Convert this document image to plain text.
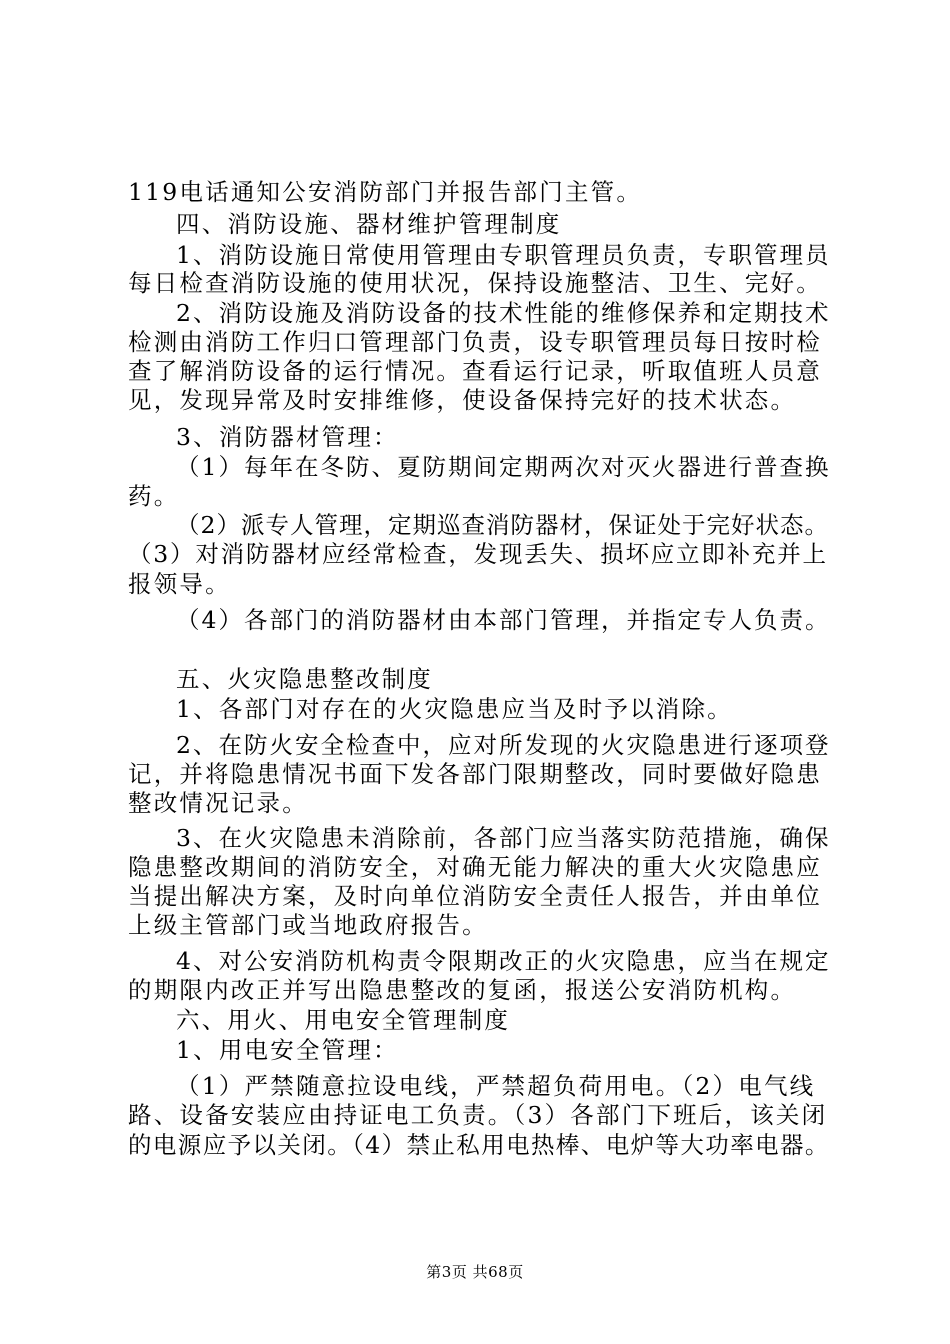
119电话通知公安消防部门并报告部门主管。
四、消防设施、器材维护管理制度
1、消防设施日常使用管理由专职管理员负责，专职管理员
每日检查消防设施的使用状况，保持设施整洁、卫生、完好。
2、消防设施及消防设备的技术性能的维修保养和定期技术
检测由消防工作归口管理部门负责，设专职管理员每日按时检
查了解消防设备的运行情况。查看运行记录，听取值班人员意
见，发现异常及时安排维修，使设备保持完好的技术状态。
3、消防器材管理：
（1）每年在冬防、夏防期间定期两次对灭火器进行普查换
药。
（2）派专人管理，定期巡查消防器材，保证处于完好状态。
（3）对消防器材应经常检查，发现丢失、损坏应立即补充并上
报领导。
（4）各部门的消防器材由本部门管理，并指定专人负责。
五、火灾隐患整改制度
1、各部门对存在的火灾隐患应当及时予以消除。
2、在防火安全检查中，应对所发现的火灾隐患进行逐项登
记，并将隐患情况书面下发各部门限期整改，同时要做好隐患
整改情况记录。
3、在火灾隐患未消除前，各部门应当落实防范措施，确保
隐患整改期间的消防安全，对确无能力解决的重大火灾隐患应
当提出解决方案，及时向单位消防安全责任人报告，并由单位
上级主管部门或当地政府报告。
4、对公安消防机构责令限期改正的火灾隐患，应当在规定
的期限内改正并写出隐患整改的复函，报送公安消防机构。
六、用火、用电安全管理制度
1、用电安全管理：
（1）严禁随意拉设电线，严禁超负荷用电。（2）电气线
路、设备安装应由持证电工负责。（3）各部门下班后，该关闭
的电源应予以关闭。（4）禁止私用电热棒、电炉等大功率电器。
第3页 共68页
